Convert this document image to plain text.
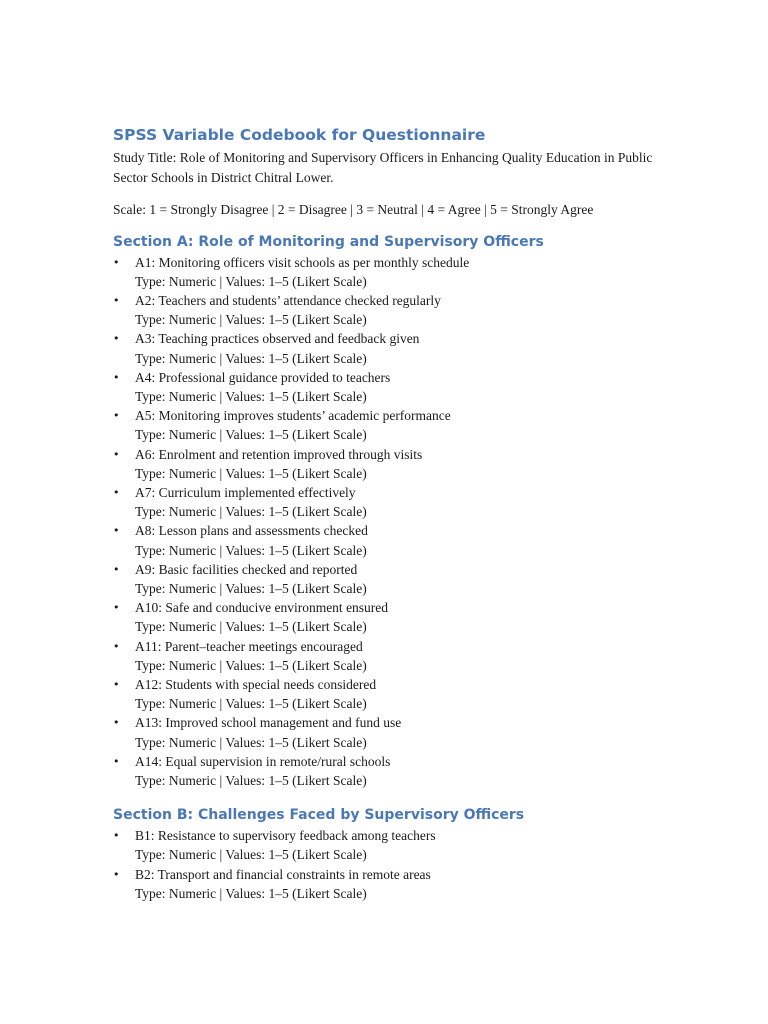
SPSS Variable Codebook for Questionnaire

Study Title: Role of Monitoring and Supervisory Officers in Enhancing Quality Education in Public Sector Schools in District Chitral Lower.

Scale: 1 = Strongly Disagree | 2 = Disagree | 3 = Neutral | 4 = Agree | 5 = Strongly Agree

Section A: Role of Monitoring and Supervisory Officers
• A1: Monitoring officers visit schools as per monthly schedule
Type: Numeric | Values: 1–5 (Likert Scale)
• A2: Teachers and students’ attendance checked regularly
Type: Numeric | Values: 1–5 (Likert Scale)
• A3: Teaching practices observed and feedback given
Type: Numeric | Values: 1–5 (Likert Scale)
• A4: Professional guidance provided to teachers
Type: Numeric | Values: 1–5 (Likert Scale)
• A5: Monitoring improves students’ academic performance
Type: Numeric | Values: 1–5 (Likert Scale)
• A6: Enrolment and retention improved through visits
Type: Numeric | Values: 1–5 (Likert Scale)
• A7: Curriculum implemented effectively
Type: Numeric | Values: 1–5 (Likert Scale)
• A8: Lesson plans and assessments checked
Type: Numeric | Values: 1–5 (Likert Scale)
• A9: Basic facilities checked and reported
Type: Numeric | Values: 1–5 (Likert Scale)
• A10: Safe and conducive environment ensured
Type: Numeric | Values: 1–5 (Likert Scale)
• A11: Parent–teacher meetings encouraged
Type: Numeric | Values: 1–5 (Likert Scale)
• A12: Students with special needs considered
Type: Numeric | Values: 1–5 (Likert Scale)
• A13: Improved school management and fund use
Type: Numeric | Values: 1–5 (Likert Scale)
• A14: Equal supervision in remote/rural schools
Type: Numeric | Values: 1–5 (Likert Scale)
Section B: Challenges Faced by Supervisory Officers
• B1: Resistance to supervisory feedback among teachers
Type: Numeric | Values: 1–5 (Likert Scale)
• B2: Transport and financial constraints in remote areas
Type: Numeric | Values: 1–5 (Likert Scale)
